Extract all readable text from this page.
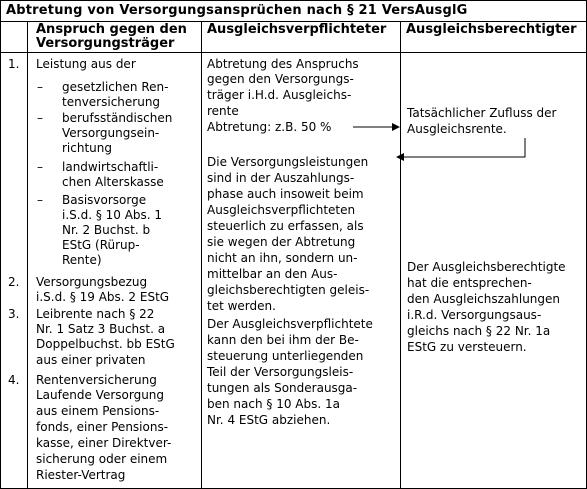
Abtretung von Versorgungsansprüchen nach § 21 VersAusglG
Anspruch gegen den
Versorgungsträger
Ausgleichsverpflichteter Ausgleichsberechtigter
1.
2.
3.
4.
Leistung aus der
– gesetzlichen Ren-
tenversicherung
– berufsständischen
Versorgungsein-
richtung
– landwirtschaftli-
chen Alterskasse
– Basisvorsorge
i.S.d. § 10 Abs. 1
Nr. 2 Buchst. b
EStG (Rürup-
Rente)
Versorgungsbezug
i.S.d. § 19 Abs. 2 EStG
Leibrente nach § 22
Nr. 1 Satz 3 Buchst. a
Doppelbuchst. bb EStG
aus einer privaten
Rentenversicherung
Laufende Versorgung
aus einem Pensions-
fonds, einer Pensions-
kasse, einer Direktver-
sicherung oder einem
Riester-Vertrag
Abtretung des Anspruchs
gegen den Versorgungs-
träger i.H.d. Ausgleichs-
rente
Abtretung: z.B. 50 %
Die Versorgungsleistungen
sind in der Auszahlungs-
phase auch insoweit beim
Ausgleichsverpflichteten
steuerlich zu erfassen, als
sie wegen der Abtretung
nicht an ihn, sondern un-
mittelbar an den Aus-
gleichsberechtigten geleis-
tet werden.
Der Ausgleichsverpflichtete
kann den bei ihm der Be-
steuerung unterliegenden
Teil der Versorgungsleis-
tungen als Sonderausga-
ben nach § 10 Abs. 1a
Nr. 4 EStG abziehen.
Tatsächlicher Zufluss der
Ausgleichsrente.
Der Ausgleichsberechtigte
hat die entsprechen-
den Ausgleichszahlungen
i.R.d. Versorgungsaus-
gleichs nach § 22 Nr. 1a
EStG zu versteuern.
